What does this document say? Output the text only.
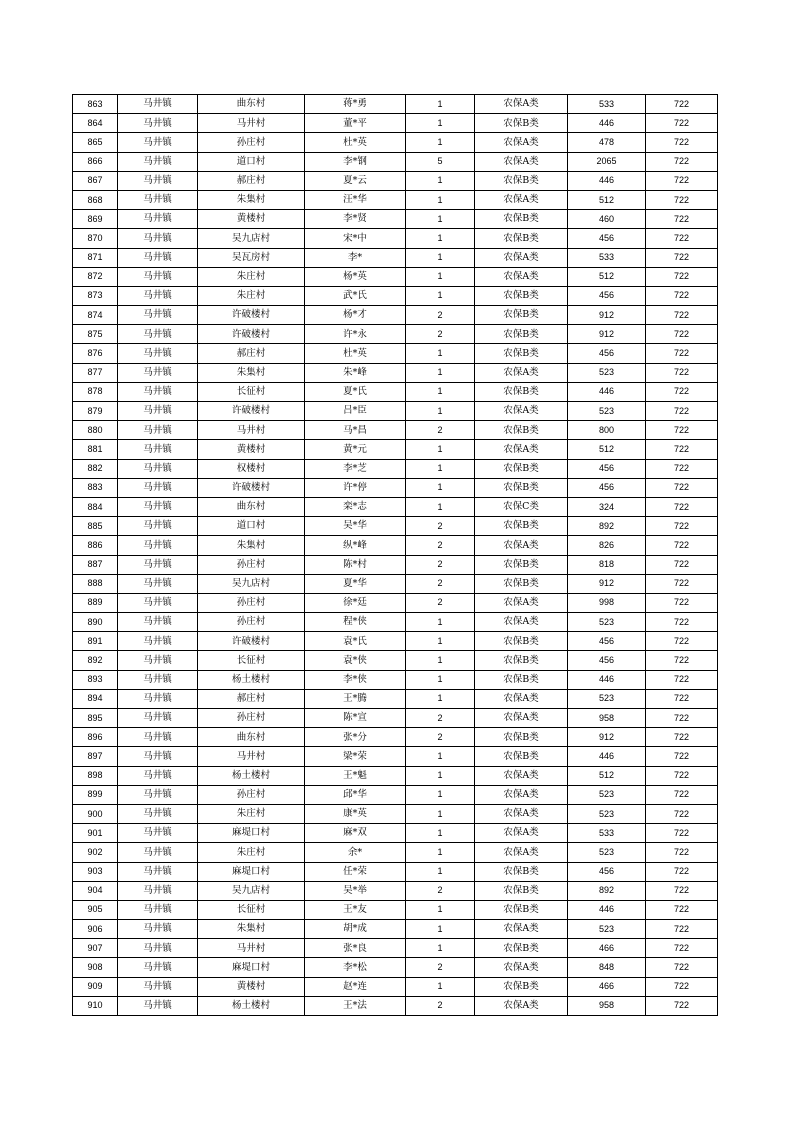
863	马井镇	曲东村	蒋*勇	1	农保A类	533	722
864	马井镇	马井村	董*平	1	农保B类	446	722
865	马井镇	孙庄村	杜*英	1	农保A类	478	722
866	马井镇	道口村	李*钢	5	农保A类	2065	722
867	马井镇	郝庄村	夏*云	1	农保B类	446	722
868	马井镇	朱集村	汪*华	1	农保A类	512	722
869	马井镇	黄楼村	李*贤	1	农保B类	460	722
870	马井镇	吴九店村	宋*中	1	农保B类	456	722
871	马井镇	吴瓦房村	李*	1	农保A类	533	722
872	马井镇	朱庄村	杨*英	1	农保A类	512	722
873	马井镇	朱庄村	武*氏	1	农保B类	456	722
874	马井镇	许破楼村	杨*才	2	农保B类	912	722
875	马井镇	许破楼村	许*永	2	农保B类	912	722
876	马井镇	郝庄村	杜*英	1	农保B类	456	722
877	马井镇	朱集村	朱*峰	1	农保A类	523	722
878	马井镇	长征村	夏*氏	1	农保B类	446	722
879	马井镇	许破楼村	吕*臣	1	农保A类	523	722
880	马井镇	马井村	马*昌	2	农保B类	800	722
881	马井镇	黄楼村	黄*元	1	农保A类	512	722
882	马井镇	权楼村	李*芝	1	农保B类	456	722
883	马井镇	许破楼村	许*停	1	农保B类	456	722
884	马井镇	曲东村	栾*志	1	农保C类	324	722
885	马井镇	道口村	吴*华	2	农保B类	892	722
886	马井镇	朱集村	纵*峰	2	农保A类	826	722
887	马井镇	孙庄村	陈*村	2	农保B类	818	722
888	马井镇	吴九店村	夏*华	2	农保B类	912	722
889	马井镇	孙庄村	徐*廷	2	农保A类	998	722
890	马井镇	孙庄村	程*侠	1	农保A类	523	722
891	马井镇	许破楼村	袁*氏	1	农保B类	456	722
892	马井镇	长征村	袁*侠	1	农保B类	456	722
893	马井镇	杨土楼村	李*侠	1	农保B类	446	722
894	马井镇	郝庄村	王*腾	1	农保A类	523	722
895	马井镇	孙庄村	陈*宣	2	农保A类	958	722
896	马井镇	曲东村	张*分	2	农保B类	912	722
897	马井镇	马井村	梁*荣	1	农保B类	446	722
898	马井镇	杨土楼村	王*魁	1	农保A类	512	722
899	马井镇	孙庄村	邱*华	1	农保A类	523	722
900	马井镇	朱庄村	康*英	1	农保A类	523	722
901	马井镇	麻堤口村	麻*双	1	农保A类	533	722
902	马井镇	朱庄村	余*	1	农保A类	523	722
903	马井镇	麻堤口村	任*荣	1	农保B类	456	722
904	马井镇	吴九店村	吴*举	2	农保B类	892	722
905	马井镇	长征村	王*友	1	农保B类	446	722
906	马井镇	朱集村	胡*成	1	农保A类	523	722
907	马井镇	马井村	张*良	1	农保B类	466	722
908	马井镇	麻堤口村	李*松	2	农保A类	848	722
909	马井镇	黄楼村	赵*连	1	农保B类	466	722
910	马井镇	杨土楼村	王*法	2	农保A类	958	722
